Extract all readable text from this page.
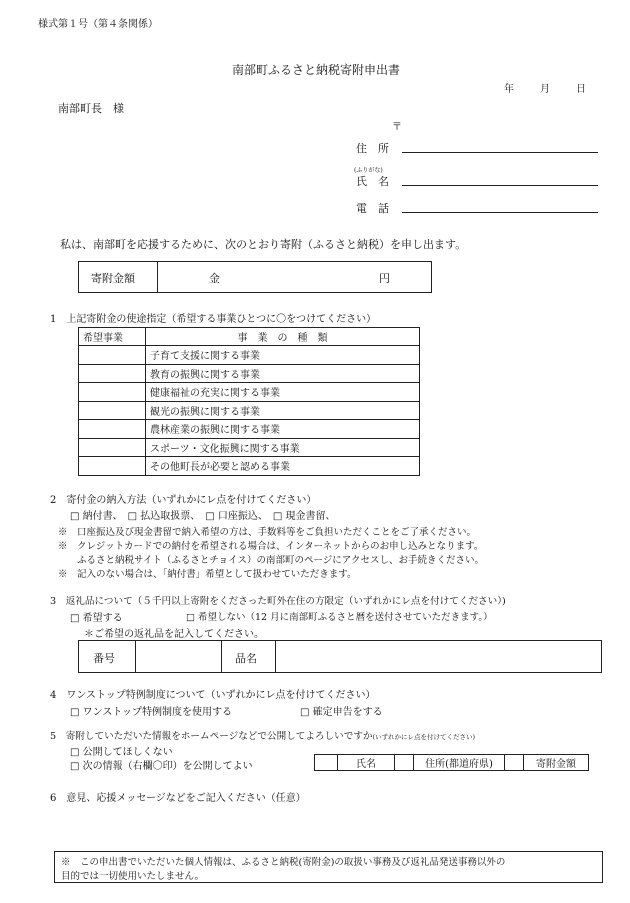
様式第１号（第４条関係）
南部町ふるさと納税寄附申出書
年	月	日
南部町長　様
〒
住　所
(ふりがな)
氏　名
電　話
私は、南部町を応援するために、次のとおり寄附（ふるさと納税）を申し出ます。
寄附金額	金	円
1　上記寄附金の使途指定（希望する事業ひとつに〇をつけてください）
希望事業	事　業　の　種　類
	子育て支援に関する事業
	教育の振興に関する事業
	健康福祉の充実に関する事業
	観光の振興に関する事業
	農林産業の振興に関する事業
	スポーツ・文化振興に関する事業
	その他町長が必要と認める事業
2　寄付金の納入方法（いずれかにレ点を付けてください）
□ 納付書、　□ 払込取扱票、　□ 口座振込、　□ 現金書留、
※　口座振込及び現金書留で納入希望の方は、手数料等をご負担いただくことをご了承ください。
※　クレジットカードでの納付を希望される場合は、インターネットからのお申し込みとなります。
　　ふるさと納税サイト（ふるさとチョイス）の南部町のページにアクセスし、お手続きください。
※　記入のない場合は、「納付書」希望として扱わせていただきます。
3　返礼品について（５千円以上寄附をくださった町外在住の方限定（いずれかにレ点を付けてください）)
□ 希望する	□ 希望しない（12 月に南部町ふるさと暦を送付させていただきます。）
＊ご希望の返礼品を記入してください。
番号	品名
4　ワンストップ特例制度について（いずれかにレ点を付けてください）
□ ワンストップ特例制度を使用する	□ 確定申告をする
5　寄附していただいた情報をホームページなどで公開してよろしいですか(いずれかにレ点を付けてください)
□ 公開してほしくない
□ 次の情報（右欄〇印）を公開してよい
		氏名		住所(都道府県)		寄附金額
6　意見、応援メッセージなどをご記入ください（任意）
※　この申出書でいただいた個人情報は、ふるさと納税(寄附金)の取扱い事務及び返礼品発送事務以外の
目的では一切使用いたしません。
